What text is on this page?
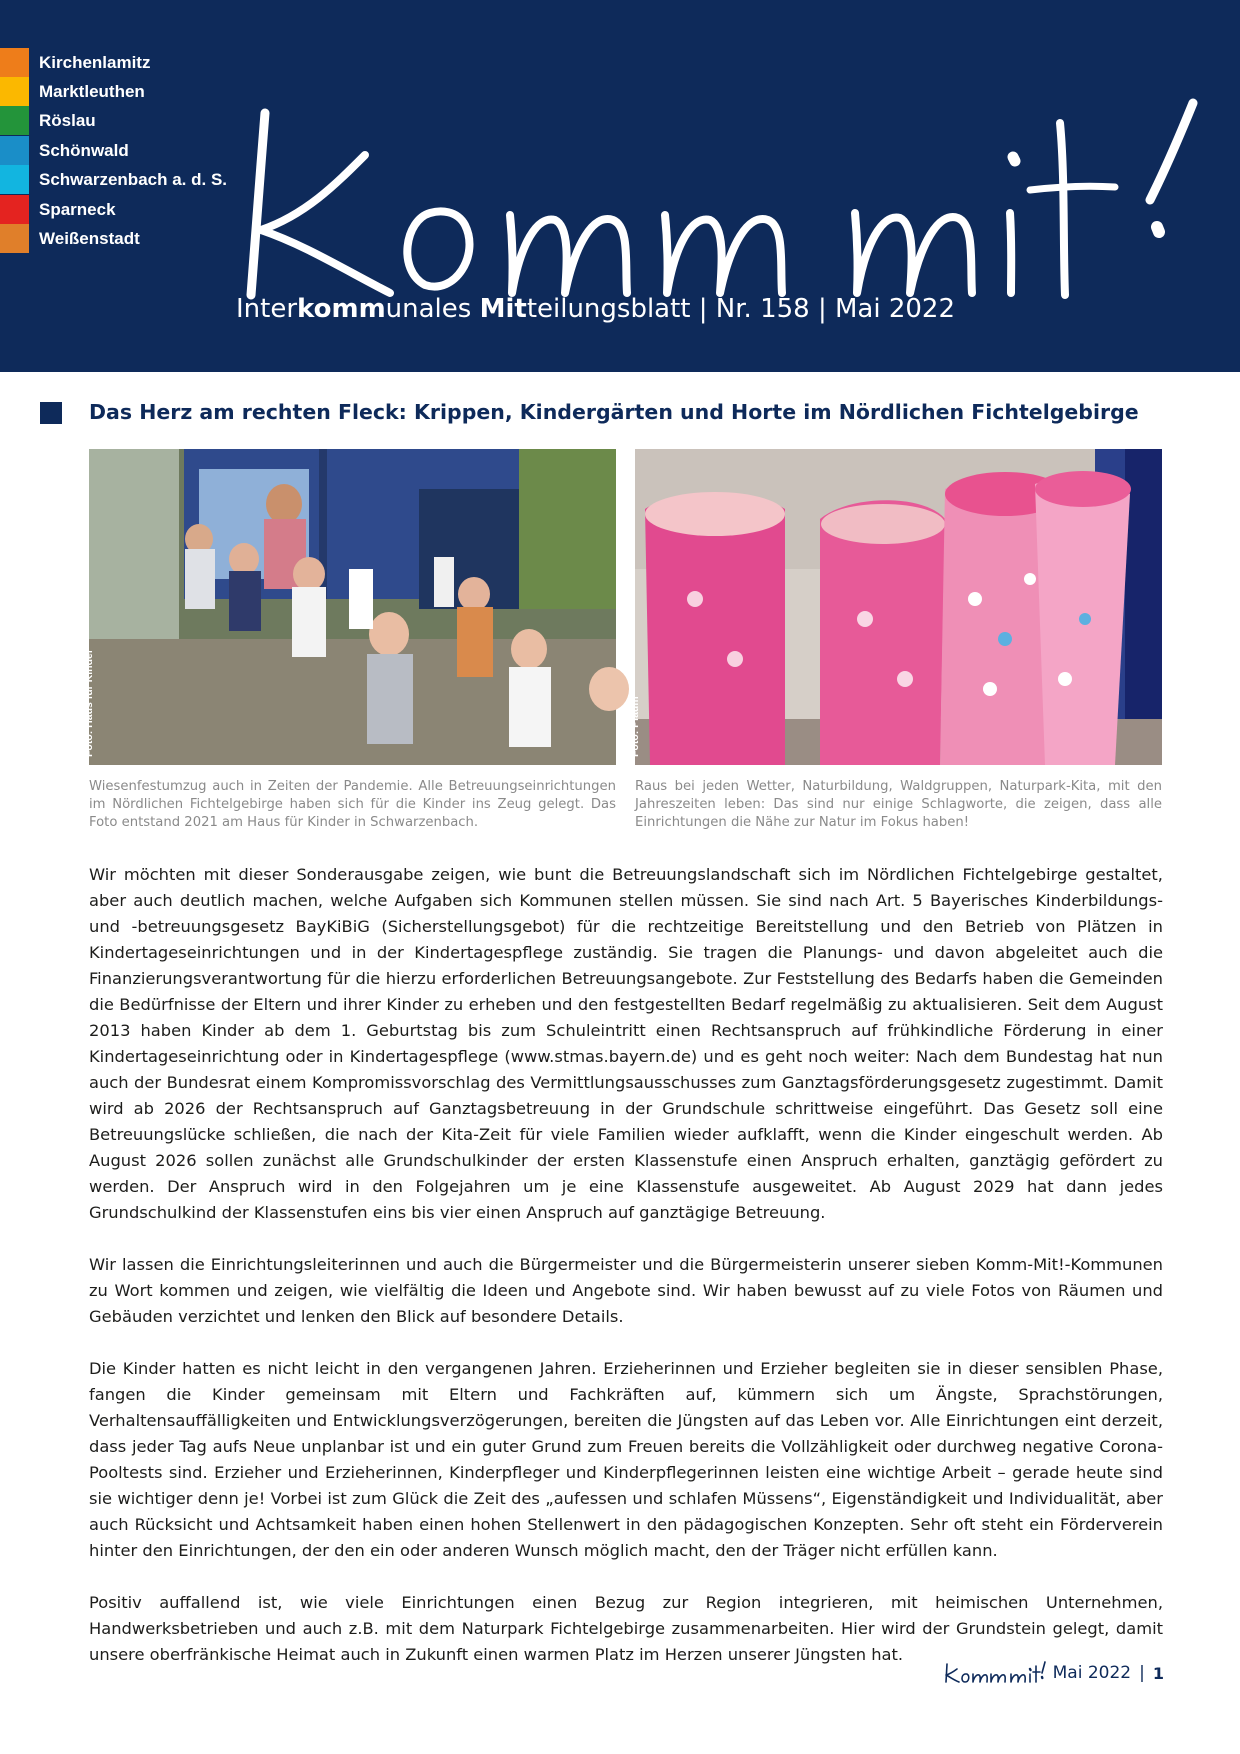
Kirchenlamitz
Marktleuthen
Röslau
Schönwald
Schwarzenbach a. d. S.
Sparneck
Weißenstadt
Interkommunales Mitteilungsblatt | Nr. 158 | Mai 2022
Das Herz am rechten Fleck: Krippen, Kindergärten und Horte im Nördlichen Fichtelgebirge
Foto: Haus für Kinder	Foto: Plaum
Wiesenfestumzug auch in Zeiten der Pandemie. Alle Betreuungseinrichtungen im Nördlichen Fichtelgebirge haben sich für die Kinder ins Zeug gelegt. Das Foto entstand 2021 am Haus für Kinder in Schwarzenbach.
Raus bei jeden Wetter, Naturbildung, Waldgruppen, Naturpark-Kita, mit den Jahreszeiten leben: Das sind nur einige Schlagworte, die zeigen, dass alle Einrichtungen die Nähe zur Natur im Fokus haben!

Wir möchten mit dieser Sonderausgabe zeigen, wie bunt die Betreuungslandschaft sich im Nördlichen Fichtelgebirge gestaltet, aber auch deutlich machen, welche Aufgaben sich Kommunen stellen müssen. Sie sind nach Art. 5 Bayerisches Kinderbildungs- und -betreuungsgesetz BayKiBiG (Sicherstellungsgebot) für die rechtzeitige Bereitstellung und den Betrieb von Plätzen in Kindertageseinrichtungen und in der Kindertagespflege zuständig. Sie tragen die Planungs- und davon abgeleitet auch die Finanzierungsverantwortung für die hierzu erforderlichen Betreuungsangebote. Zur Feststellung des Bedarfs haben die Gemeinden die Bedürfnisse der Eltern und ihrer Kinder zu erheben und den festgestellten Bedarf regelmäßig zu aktualisieren. Seit dem August 2013 haben Kinder ab dem 1. Geburtstag bis zum Schuleintritt einen Rechtsanspruch auf frühkindliche Förderung in einer Kindertageseinrichtung oder in Kindertagespflege (www.stmas.bayern.de) und es geht noch weiter: Nach dem Bundestag hat nun auch der Bundesrat einem Kompromissvorschlag des Vermittlungsausschusses zum Ganztagsförderungsgesetz zugestimmt. Damit wird ab 2026 der Rechtsanspruch auf Ganztagsbetreuung in der Grundschule schrittweise eingeführt. Das Gesetz soll eine Betreuungslücke schließen, die nach der Kita-Zeit für viele Familien wieder aufklafft, wenn die Kinder eingeschult werden. Ab August 2026 sollen zunächst alle Grundschulkinder der ersten Klassenstufe einen Anspruch erhalten, ganztägig gefördert zu werden. Der Anspruch wird in den Folgejahren um je eine Klassenstufe ausgeweitet. Ab August 2029 hat dann jedes Grundschulkind der Klassenstufen eins bis vier einen Anspruch auf ganztägige Betreuung.

Wir lassen die Einrichtungsleiterinnen und auch die Bürgermeister und die Bürgermeisterin unserer sieben Komm-Mit!-Kommunen zu Wort kommen und zeigen, wie vielfältig die Ideen und Angebote sind. Wir haben bewusst auf zu viele Fotos von Räumen und Gebäuden verzichtet und lenken den Blick auf besondere Details.

Die Kinder hatten es nicht leicht in den vergangenen Jahren. Erzieherinnen und Erzieher begleiten sie in dieser sensiblen Phase, fangen die Kinder gemeinsam mit Eltern und Fachkräften auf, kümmern sich um Ängste, Sprachstörungen, Verhaltensauffälligkeiten und Entwicklungsverzögerungen, bereiten die Jüngsten auf das Leben vor. Alle Einrichtungen eint derzeit, dass jeder Tag aufs Neue unplanbar ist und ein guter Grund zum Freuen bereits die Vollzähligkeit oder durchweg negative Corona-Pooltests sind. Erzieher und Erzieherinnen, Kinderpfleger und Kinderpflegerinnen leisten eine wichtige Arbeit – gerade heute sind sie wichtiger denn je! Vorbei ist zum Glück die Zeit des „aufessen und schlafen Müssens“, Eigenständigkeit und Individualität, aber auch Rücksicht und Achtsamkeit haben einen hohen Stellenwert in den pädagogischen Konzepten. Sehr oft steht ein Förderverein hinter den Einrichtungen, der den ein oder anderen Wunsch möglich macht, den der Träger nicht erfüllen kann.

Positiv auffallend ist, wie viele Einrichtungen einen Bezug zur Region integrieren, mit heimischen Unternehmen, Handwerksbetrieben und auch z.B. mit dem Naturpark Fichtelgebirge zusammenarbeiten. Hier wird der Grundstein gelegt, damit unsere oberfränkische Heimat auch in Zukunft einen warmen Platz im Herzen unserer Jüngsten hat.

Mai 2022 | 1
